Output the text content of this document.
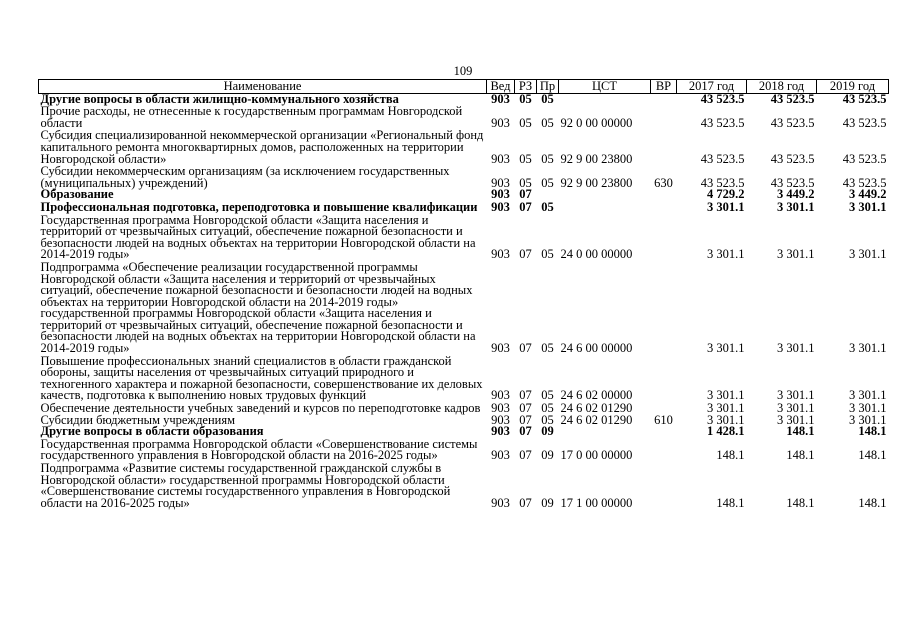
109
Наименование	Вед	РЗ	Пр	ЦСТ	ВР	2017 год	2018 год	2019 год
Другие вопросы в области жилищно-коммунального хозяйства	903	05	05			43 523.5	43 523.5	43 523.5
Прочие расходы, не отнесенные к государственным программам Новгородской области	903	05	05	92 0 00 00000		43 523.5	43 523.5	43 523.5
Субсидия специализированной некоммерческой организации «Региональный фонд капитального ремонта многоквартирных домов, расположенных на территории Новгородской области»	903	05	05	92 9 00 23800		43 523.5	43 523.5	43 523.5
Субсидии некоммерческим организациям (за исключением государственных (муниципальных) учреждений)	903	05	05	92 9 00 23800	630	43 523.5	43 523.5	43 523.5
Образование	903	07				4 729.2	3 449.2	3 449.2
Профессиональная подготовка, переподготовка и повышение квалификации	903	07	05			3 301.1	3 301.1	3 301.1
Государственная программа Новгородской области «Защита населения и территорий от чрезвычайных ситуаций, обеспечение пожарной безопасности и безопасности людей на водных объектах на территории Новгородской области на 2014-2019 годы»	903	07	05	24 0 00 00000		3 301.1	3 301.1	3 301.1
Подпрограмма «Обеспечение реализации государственной программы Новгородской области «Защита населения и территорий от чрезвычайных ситуаций, обеспечение пожарной безопасности и безопасности людей на водных объектах на территории Новгородской области на 2014-2019 годы» государственной программы Новгородской области «Защита населения и территорий от чрезвычайных ситуаций, обеспечение пожарной безопасности и безопасности людей на водных объектах на территории Новгородской области на 2014-2019 годы»	903	07	05	24 6 00 00000		3 301.1	3 301.1	3 301.1
Повышение профессиональных знаний специалистов в области гражданской обороны, защиты населения от чрезвычайных ситуаций природного и техногенного характера и пожарной безопасности, совершенствование их деловых качеств, подготовка к выполнению новых трудовых функций	903	07	05	24 6 02 00000		3 301.1	3 301.1	3 301.1
Обеспечение деятельности учебных заведений и курсов по переподготовке кадров	903	07	05	24 6 02 01290		3 301.1	3 301.1	3 301.1
Субсидии бюджетным учреждениям	903	07	05	24 6 02 01290	610	3 301.1	3 301.1	3 301.1
Другие вопросы в области образования	903	07	09			1 428.1	148.1	148.1
Государственная программа Новгородской области «Совершенствование системы государственного управления в Новгородской области на 2016-2025 годы»	903	07	09	17 0 00 00000		148.1	148.1	148.1
Подпрограмма «Развитие системы государственной гражданской службы в Новгородской области» государственной программы Новгородской области «Совершенствование системы государственного управления в Новгородской области на 2016-2025 годы»	903	07	09	17 1 00 00000		148.1	148.1	148.1
